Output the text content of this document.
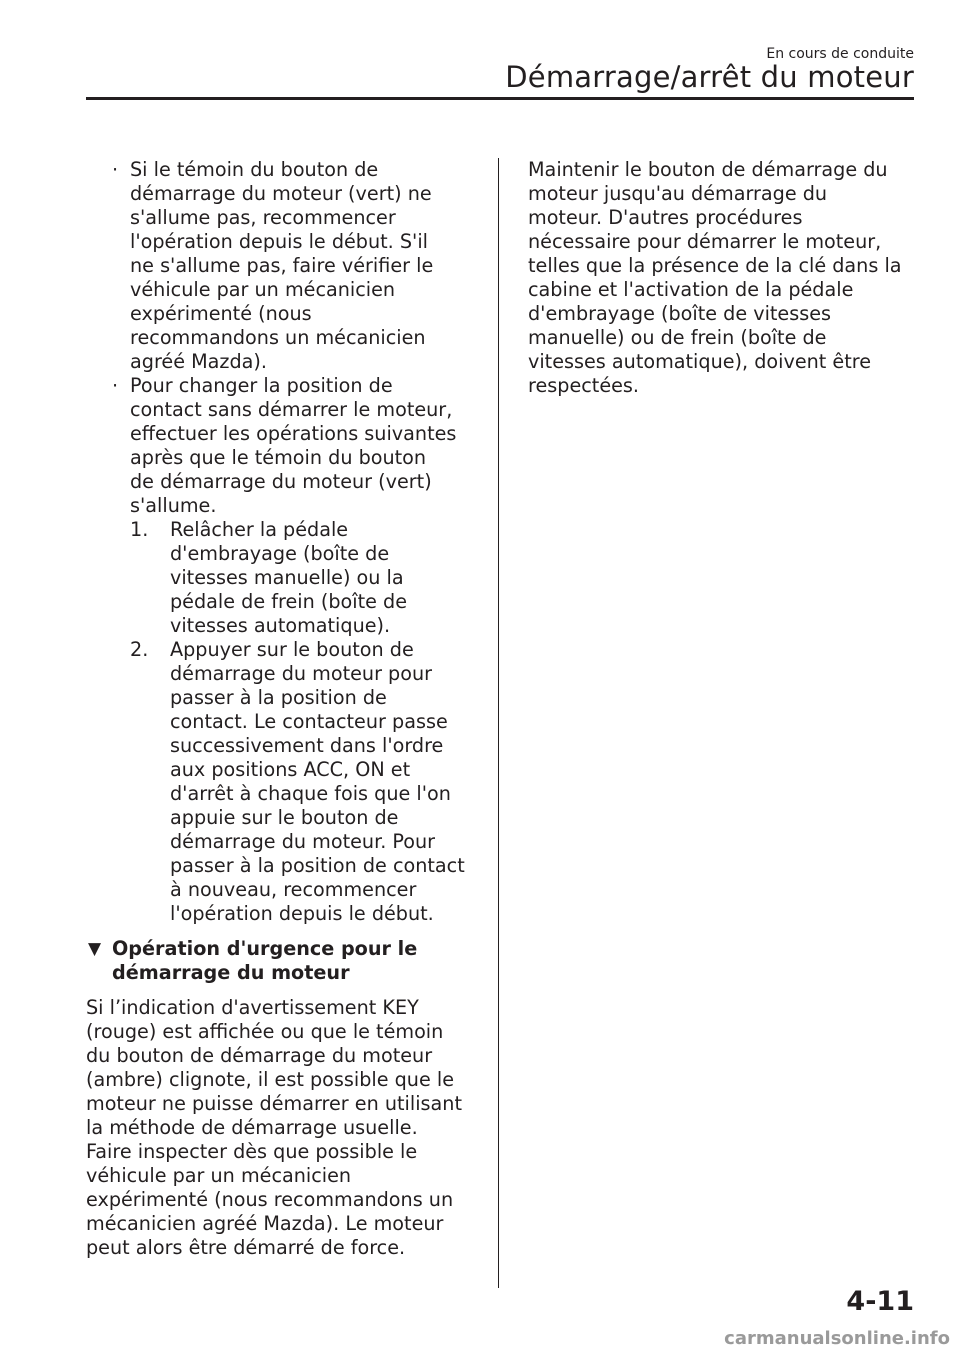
En cours de conduite
Démarrage/arrêt du moteur
· Si le témoin du bouton de
démarrage du moteur (vert) ne
s'allume pas, recommencer
l'opération depuis le début. S'il
ne s'allume pas, faire vérifier le
véhicule par un mécanicien
expérimenté (nous
recommandons un mécanicien
agréé Mazda).
· Pour changer la position de
contact sans démarrer le moteur,
effectuer les opérations suivantes
après que le témoin du bouton
de démarrage du moteur (vert)
s'allume.
1. Relâcher la pédale
d'embrayage (boîte de
vitesses manuelle) ou la
pédale de frein (boîte de
vitesses automatique).
2. Appuyer sur le bouton de
démarrage du moteur pour
passer à la position de
contact. Le contacteur passe
successivement dans l'ordre
aux positions ACC, ON et
d'arrêt à chaque fois que l'on
appuie sur le bouton de
démarrage du moteur. Pour
passer à la position de contact
à nouveau, recommencer
l'opération depuis le début.
▼ Opération d'urgence pour le
démarrage du moteur
Si l’indication d'avertissement KEY
(rouge) est affichée ou que le témoin
du bouton de démarrage du moteur
(ambre) clignote, il est possible que le
moteur ne puisse démarrer en utilisant
la méthode de démarrage usuelle.
Faire inspecter dès que possible le
véhicule par un mécanicien
expérimenté (nous recommandons un
mécanicien agréé Mazda). Le moteur
peut alors être démarré de force.
Maintenir le bouton de démarrage du
moteur jusqu'au démarrage du
moteur. D'autres procédures
nécessaire pour démarrer le moteur,
telles que la présence de la clé dans la
cabine et l'activation de la pédale
d'embrayage (boîte de vitesses
manuelle) ou de frein (boîte de
vitesses automatique), doivent être
respectées.
4-11
carmanualsonline.info
